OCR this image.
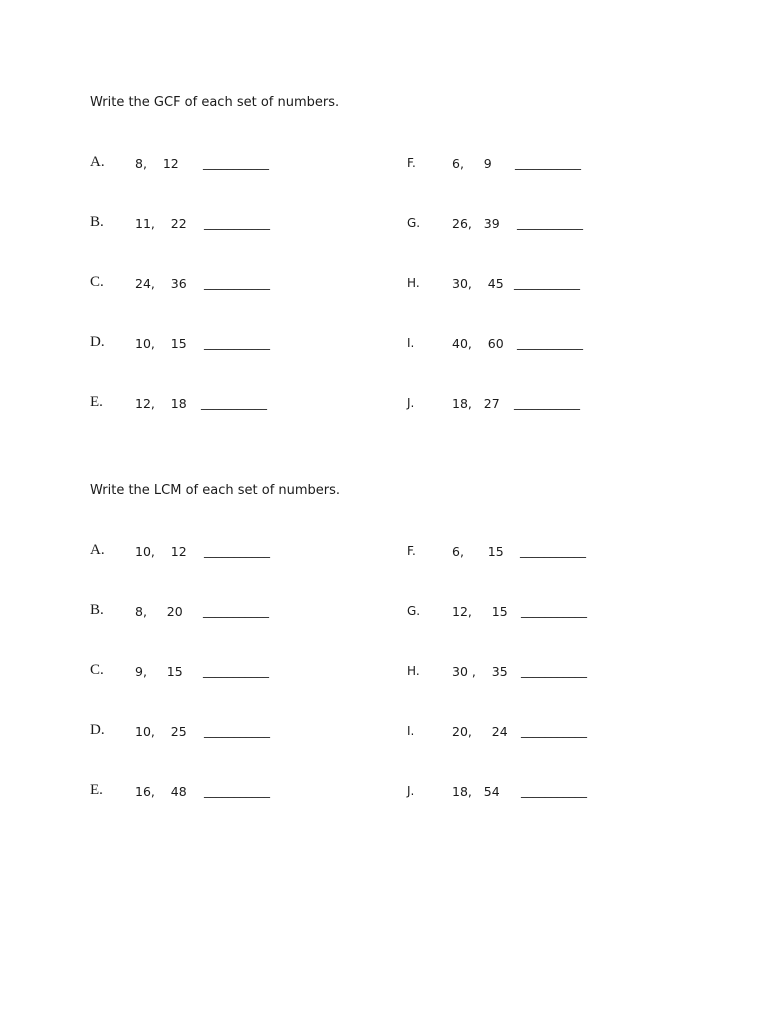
Write the GCF of each set of numbers.
A. 8,    12 ___________
B. 11,    22 ___________
C. 24,    36 ___________
D. 10,    15 ___________
E.	12,    18 ___________
F.	6,     9 ___________
G.	26,   39 ___________
H.	30,    45 ___________
I.	40,    60 ___________
J.	18,   27 ___________
Write the LCM of each set of numbers.
A. 10,    12 ___________
B. 8,     20 ___________
C. 9,     15 ___________
D. 10,    25 ___________
E.	16,    48 ___________
F.	6,      15 ___________
G.	12,     15 ___________
H.	30 ,    35 ___________
I.	20,     24 ___________
J.	18,   54 ___________
